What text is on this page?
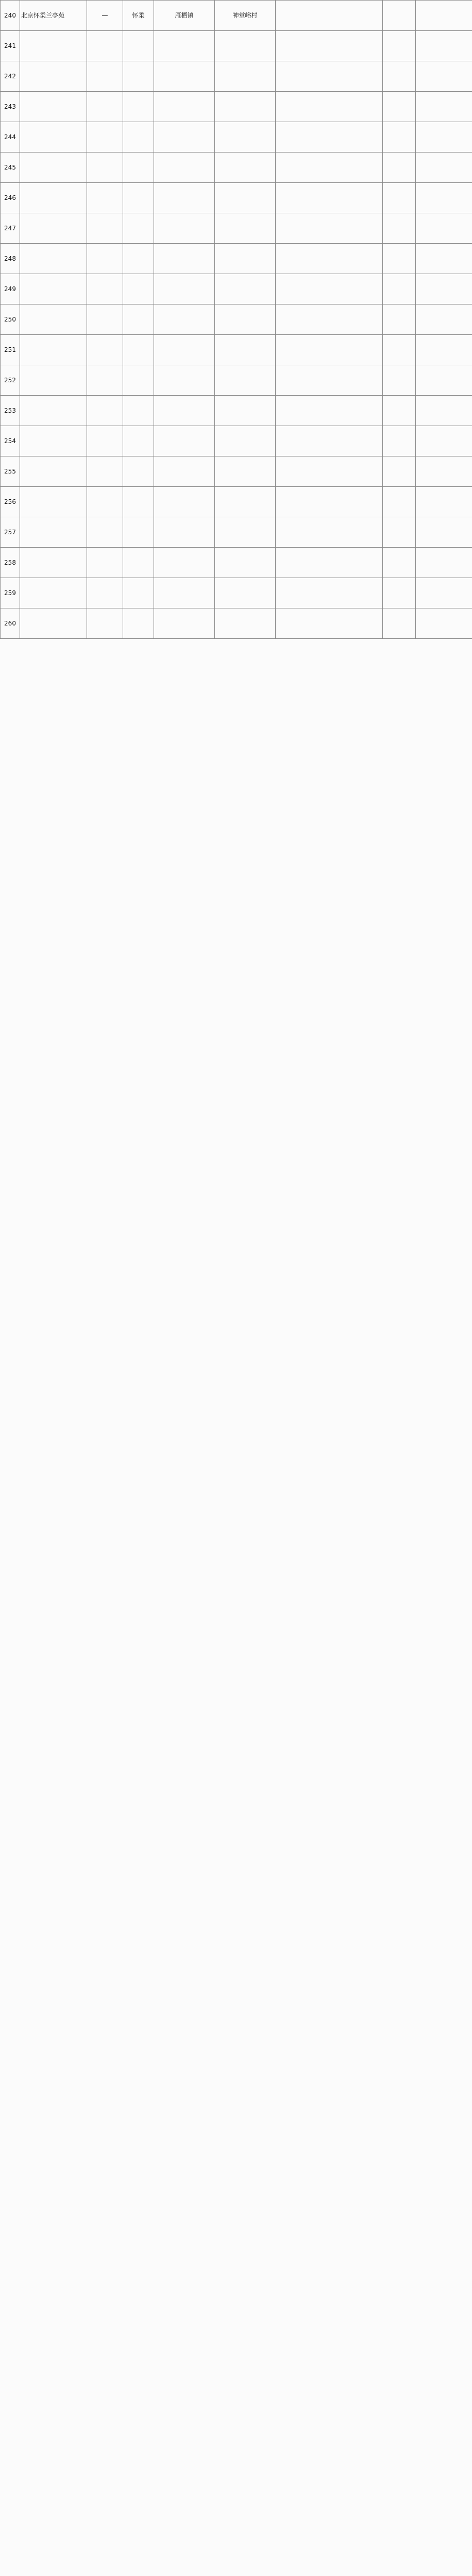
240	北京怀柔兰亭苑	—	怀柔	雁栖镇	神堂峪村			
241								
242								
243								
244								
245								
246								
247								
248								
249								
250								
251								
252								
253								
254								
255								
256								
257								
258								
259								
260								
